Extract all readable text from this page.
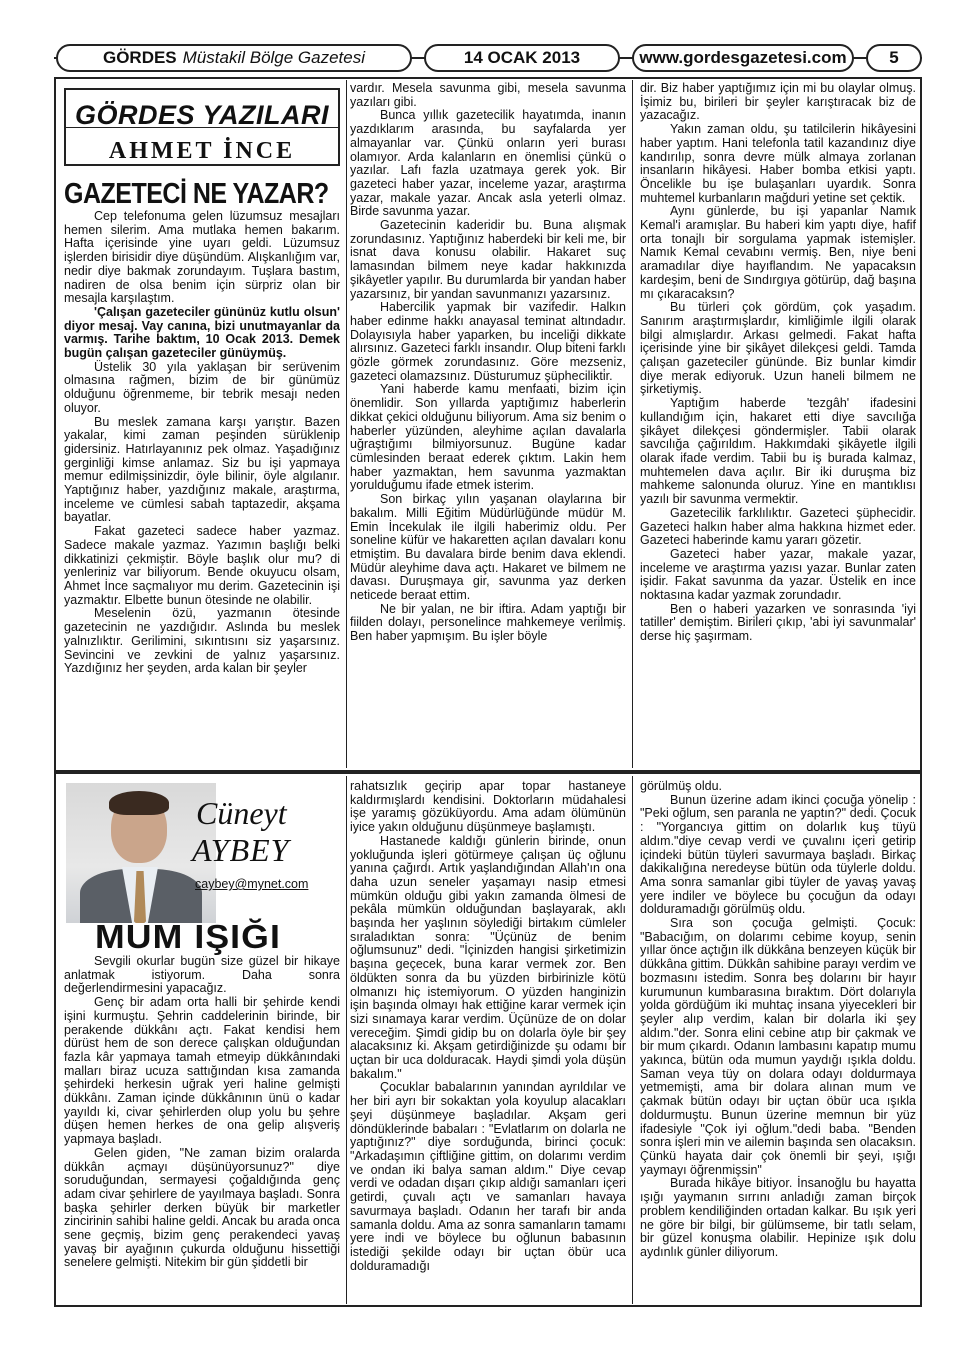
GÖRDES Müstakil Bölge Gazetesi	14 OCAK 2013	www.gordesgazetesi.com	5
GÖRDES YAZILARI
AHMET İNCE
GAZETECİ NE YAZAR?

Cep telefonuma gelen lüzumsuz mesajları hemen silerim. Ama mutlaka hemen bakarım. Hafta içerisinde yine uyarı geldi. Lüzumsuz işlerden birisidir diye düşündüm. Alışkanlığım var, nedir diye bakmak zorundayım. Tuşlara bastım, nadiren de olsa benim için sürpriz olan bir mesajla karşılaştım.

'Çalışan gazeteciler gününüz kutlu olsun' diyor mesaj. Vay canına, bizi unutmayanlar da varmış. Tarihe baktım, 10 Ocak 2013. Demek bugün çalışan gazeteciler günüymüş.

Üstelik 30 yıla yaklaşan bir serüvenim olmasına rağmen, bizim de bir günümüz olduğunu öğrenmeme, bir tebrik mesajı neden oluyor.

Bu meslek zamana karşı yarıştır. Bazen yakalar, kimi zaman peşinden sürüklenip gidersiniz. Hatırlayanınız pek olmaz. Yaşadığınız gerginliği kimse anlamaz. Siz bu işi yapmaya memur edilmişsinizdir, öyle bilinir, öyle algılanır. Yaptığınız haber, yazdığınız makale, araştırma, inceleme ve cümlesi sabah taptazedir, akşama bayatlar.

Fakat gazeteci sadece haber yazmaz. Sadece makale yazmaz. Yazımın başlığı belki dikkatinizi çekmiştir. Böyle başlık olur mu? di yenleriniz var biliyorum. Bende okuyucu olsam, Ahmet İnce saçmalıyor mu derim. Gazetecinin işi yazmaktır. Elbette bunun ötesinde ne olabilir.

Meselenin özü, yazmanın ötesinde gazetecinin ne yazdığıdır. Aslında bu meslek yalnızlıktır. Gerilimini, sıkıntısını siz yaşarsınız. Sevincini ve zevkini de yalnız yaşarsınız. Yazdığınız her şeyden, arda kalan bir şeyler

vardır. Mesela savunma gibi, mesela savunma yazıları gibi.

Bunca yıllık gazetecilik hayatımda, inanın yazdıklarım arasında, bu sayfalarda yer almayanlar var. Çünkü onların yeri burası olamıyor. Arda kalanların en önemlisi çünkü o yazılar. Lafı fazla uzatmaya gerek yok. Bir gazeteci haber yazar, inceleme yazar, araştırma yazar, makale yazar. Ancak asla yeterli olmaz. Birde savunma yazar.

Gazetecinin kaderidir bu. Buna alışmak zorundasınız. Yaptığınız haberdeki bir keli me, bir isnat dava konusu olabilir. Hakaret suç lamasından bilmem neye kadar hakkınızda şikâyetler yapılır. Bu durumlarda bir yandan haber yazarsınız, bir yandan savunmanızı yazarsınız.

Habercilik yapmak bir vazifedir. Halkın haber edinme hakkı anayasal teminat altındadır. Dolayısıyla haber yaparken, bu inceliği dikkate alırsınız. Gazeteci farklı insandır. Olup biteni farklı gözle görmek zorundasınız. Göre mezseniz, gazeteci olamazsınız. Düsturumuz şüphecilikti̇r.

Yani haberde kamu menfaati, bizim için önemlidir. Son yıllarda yaptığımız haberlerin dikkat çekici olduğunu biliyorum. Ama siz benim o haberler yüzünden, aleyhime açılan davalarla uğraştığımı bilmiyorsunuz. Bugüne kadar cümlesinden beraat ederek çıktım. Lakin hem haber yazmaktan, hem savunma yazmaktan yorulduğumu ifade etmek isterim.

Son birkaç yılın yaşanan olaylarına bir bakalım. Milli Eğitim Müdürlüğünde müdür M. Emin İncekulak ile ilgili haberimiz oldu. Per soneline küfür ve hakaretten açılan davaları konu etmiştim. Bu davalara birde benim dava eklendi. Müdür aleyhime dava açtı. Hakaret ve bilmem ne davası. Duruşmaya gir, savunma yaz derken neticede beraat ettim.

Ne bir yalan, ne bir iftira. Adam yaptığı bir fiilden dolayı, personelince mahkemeye verilmiş. Ben haber yapmışım. Bu işler böyle

dir. Biz haber yaptığımız için mi bu olaylar olmuş. İşimiz bu, birileri bir şeyler karıştıracak biz de yazacağız.

Yakın zaman oldu, şu tatilcilerin hikâyesini haber yaptım. Hani telefonla tatil kazandınız diye kandırılıp, sonra devre mülk almaya zorlanan insanların hikâyesi. Haber bomba etkisi yaptı. Öncelikle bu işe bulaşanları uyardık. Sonra muhtemel kurbanların mağduri yetine set çektik.

Aynı günlerde, bu işi yapanlar Namık Kemal'i aramışlar. Bu haberi kim yaptı diye, hafif orta tonajlı bir sorgulama yapmak istemişler. Namık Kemal cevabını vermiş. Ben, niye beni aramadılar diye hayıflandım. Ne yapacaksın kardeşim, beni de Sındırgıya götürüp, dağ başına mı çıkaracaksın?

Bu türleri çok gördüm, çok yaşadım. Sanırım araştırmışlardır, kimliğimle ilgili olarak bilgi almışlardır. Arkası gelmedi. Fakat hafta içerisinde yine bir şikâyet dilekçesi geldi. Tamda çalışan gazeteciler gününde. Biz bunlar kimdir diye merak ediyoruk. Uzun haneli bilmem ne şirketiymiş.

Yaptığım haberde 'tezgâh' ifadesini kullandığım için, hakaret etti diye savcılığa şikâyet dilekçesi göndermişler. Tabii olarak savcılığa çağırıldım. Hakkımdaki şikâyetle ilgili olarak ifade verdim. Tabii bu iş burada kalmaz, muhtemelen dava açılır. Bir iki duruşma biz mahkeme salonunda oluruz. Yine en mantıklısı yazılı bir savunma vermektir.

Gazetecilik farklılıktır. Gazeteci şüphecidir. Gazeteci halkın haber alma hakkına hizmet eder. Gazeteci haberinde kamu yararı gözetir.

Gazeteci haber yazar, makale yazar, inceleme ve araştırma yazısı yazar. Bunlar zaten işidir. Fakat savunma da yazar. Üstelik en ince noktasına kadar yazmak zorundadır.

Ben o haberi yazarken ve sonrasında 'iyi tatiller' demiştim. Birileri çıkıp, 'abi iyi savunmalar' derse hiç şaşırmam.

Cüneyt
AYBEY
caybey@mynet.com
MUM IŞIĞI

Sevgili okurlar bugün size güzel bir hikaye anlatmak istiyorum. Daha sonra değerlendirmesini yapacağız.

Genç bir adam orta halli bir şehirde kendi işini kurmuştu. Şehrin caddelerinin birinde, bir perakende dükkânı açtı. Fakat kendisi hem dürüst hem de son derece çalışkan olduğundan fazla kâr yapmaya tamah etmeyip dükkânındaki malları biraz ucuza sattığından kısa zamanda şehirdeki herkesin uğrak yeri haline gelmişti dükkânı. Zaman içinde dükkânının ünü o kadar yayıldı ki, civar şehirlerden olup yolu bu şehre düşen hemen herkes de ona gelip alışveriş yapmaya başladı.

Gelen giden, "Ne zaman bizim oralarda dükkân açmayı düşünüyorsunuz?" diye soruduğundan, sermayesi çoğaldığında genç adam civar şehirlere de yayılmaya başladı. Sonra başka şehirler derken büyük bir marketler zincirinin sahibi haline geldi. Ancak bu arada onca sene geçmiş, bizim genç perakendeci yavaş yavaş bir ayağının çukurda olduğunu hissettiği senelere gelmişti. Nitekim bir gün şiddetli bir

rahatsızlık geçirip apar topar hastaneye kaldırmışlardı kendisini. Doktorların müdahalesi işe yaramış gözüküyordu. Ama adam ölümünün iyice yakın olduğunu düşünmeye başlamıştı.

Hastanede kaldığı günlerin birinde, onun yokluğunda işleri götürmeye çalışan üç oğlunu yanına çağırdı. Artık yaşlandığından Allah'ın ona daha uzun seneler yaşamayı nasip etmesi mümkün olduğu gibi yakın zamanda ölmesi de pekâla mümkün olduğundan başlayarak, aklı başında her yaşlının söylediği birtakım cümleler sıraladıktan sonra: "Üçünüz de benim oğlumsunuz" dedi. "İçinizden hangisi şirketimizin başına geçecek, buna karar vermek zor. Ben öldükten sonra da bu yüzden birbirinizle kötü olmanızı hiç istemiyorum. O yüzden hanginizin işin başında olmayı hak ettiğine karar vermek için sizi sınamaya karar verdim. Üçünüze de on dolar vereceğim. Şimdi gidip bu on dolarla öyle bir şey alacaksınız ki. Akşam getirdiğinizde şu odamı bir uçtan bir uca dolduracak. Haydi şimdi yola düşün bakalım."

Çocuklar babalarının yanından ayrıldılar ve her biri ayrı bir sokaktan yola koyulup alacakları şeyi düşünmeye başladılar. Akşam geri döndüklerinde babaları : "Evlatlarım on dolarla ne yaptığınız?" diye sorduğunda, birinci çocuk: "Arkadaşımın çiftliğine gittim, on dolarımı verdim ve ondan iki balya saman aldım." Diye cevap verdi ve odadan dışarı çıkıp aldığı samanları içeri getirdi, çuvalı açtı ve samanları havaya savurmaya başladı. Odanın her tarafı bir anda samanla doldu. Ama az sonra samanların tamamı yere indi ve böylece bu oğlunun babasının istediği şekilde odayı bir uçtan öbür uca dolduramadığı

görülmüş oldu.

Bunun üzerine adam ikinci çocuğa yönelip : "Peki oğlum, sen paranla ne yaptın?" dedi. Çocuk : "Yorgancıya gittim on dolarlık kuş tüyü aldım."diye cevap verdi ve çuvalını içeri getirip içindeki bütün tüyleri savurmaya başladı. Birkaç dakikalığına neredeyse bütün oda tüylerle doldu. Ama sonra samanlar gibi tüyler de yavaş yavaş yere indiler ve böylece bu çocuğun da odayı dolduramadığı görülmüş oldu.

Sıra son çocuğa gelmişti. Çocuk: "Babacığım, on dolarımı cebime koyup, senin yıllar önce açtığın ilk dükkâna benzeyen küçük bir dükkâna gittim. Dükkân sahibine parayı verdim ve bozmasını istedim. Sonra beş dolarını bir hayır kurumunun kumbarasına bıraktım. Dört dolarıyla yolda gördüğüm iki muhtaç insana yiyecekleri bir şeyler alıp verdim, kalan bir dolarla iki şey aldım."der. Sonra elini cebine atıp bir çakmak ve bir mum çıkardı. Odanın lambasını kapatıp mumu yakınca, bütün oda mumun yaydığı ışıkla doldu. Saman veya tüy on dolara odayı doldurmaya yetmemişti, ama bir dolara alınan mum ve çakmak bütün odayı bir uçtan öbür uca ışıkla doldurmuştu. Bunun üzerine memnun bir yüz ifadesiyle "Çok iyi oğlum."dedi baba. "Benden sonra işleri min ve ailemin başında sen olacaksın. Çünkü hayata dair çok önemli bir şeyi, ışığı yaymayı öğrenmişsin"

Burada hikâye bitiyor. İnsanoğlu bu hayatta ışığı yaymanın sırrını anladığı zaman birçok problem kendiliğinden ortadan kalkar. Bu ışık yeri ne göre bir bilgi, bir gülümseme, bir tatlı selam, bir güzel konuşma olabilir. Hepinize ışık dolu aydınlık günler diliyorum.
